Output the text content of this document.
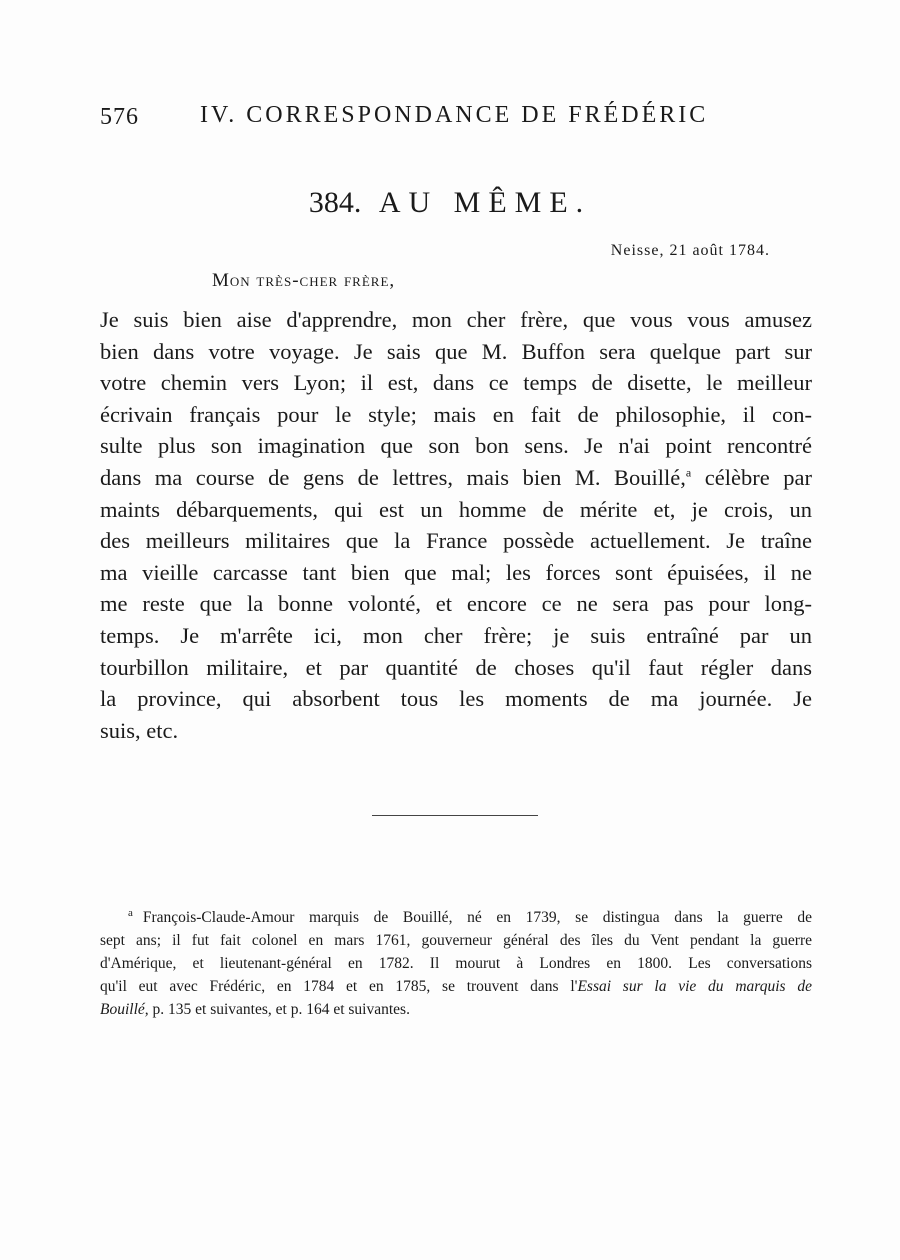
576	IV. CORRESPONDANCE DE FRÉDÉRIC
384. AU MÊME.
Neisse, 21 août 1784.
Mon très-cher frère,
Je suis bien aise d'apprendre, mon cher frère, que vous vous amusez
bien dans votre voyage. Je sais que M. Buffon sera quelque part sur
votre chemin vers Lyon; il est, dans ce temps de disette, le meilleur
écrivain français pour le style; mais en fait de philosophie, il con-
sulte plus son imagination que son bon sens. Je n'ai point rencontré
dans ma course de gens de lettres, mais bien M. Bouillé,$^a$ célèbre par
maints débarquements, qui est un homme de mérite et, je crois, un
des meilleurs militaires que la France possède actuellement. Je traîne
ma vieille carcasse tant bien que mal; les forces sont épuisées, il ne
me reste que la bonne volonté, et encore ce ne sera pas pour long-
temps. Je m'arrête ici, mon cher frère; je suis entraîné par un
tourbillon militaire, et par quantité de choses qu'il faut régler dans
la province, qui absorbent tous les moments de ma journée. Je
suis, etc.
$^a$ François-Claude-Amour marquis de Bouillé, né en 1739, se distingua dans la guerre de
sept ans; il fut fait colonel en mars 1761, gouverneur général des îles du Vent pendant la guerre
d'Amérique, et lieutenant-général en 1782. Il mourut à Londres en 1800. Les conversations
qu'il eut avec Frédéric, en 1784 et en 1785, se trouvent dans l'Essai sur la vie du marquis de
Bouillé, p. 135 et suivantes, et p. 164 et suivantes.
